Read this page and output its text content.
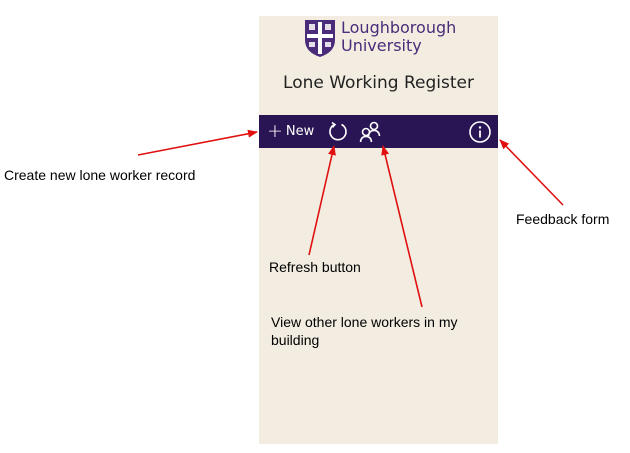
Loughborough
University
Lone Working Register
+ New
Create new lone worker record
Refresh button
View other lone workers in my building
Feedback form
